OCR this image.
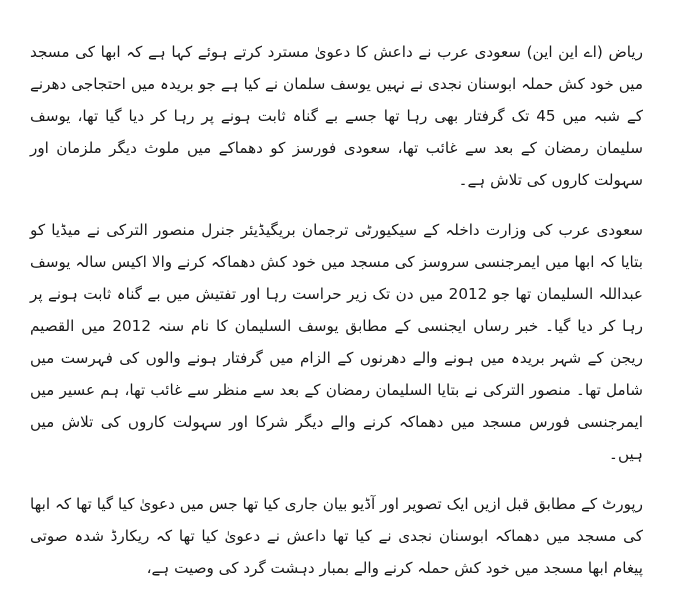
ریاض (اے این این) سعودی عرب نے داعش کا دعویٰ مسترد کرتے ہوئے کہا ہے کہ ابھا کی مسجد میں خود کش حملہ ابوسنان نجدی نے نہیں یوسف سلمان نے کیا ہے جو بریدہ میں احتجاجی دھرنے کے شبہ میں 45 تک گرفتار بھی رہا تھا جسے بے گناہ ثابت ہونے پر رہا کر دیا گیا تھا، یوسف سلیمان رمضان کے بعد سے غائب تھا، سعودی فورسز کو دھماکے میں ملوث دیگر ملزمان اور سہولت کاروں کی تلاش ہے۔

سعودی عرب کی وزارت داخلہ کے سیکیورٹی ترجمان بریگیڈیئر جنرل منصور الترکی نے میڈیا کو بتایا کہ ابھا میں ایمرجنسی سروسز کی مسجد میں خود کش دھماکہ کرنے والا اکیس سالہ یوسف عبداللہ السلیمان تھا جو 2012 میں دن تک زیر حراست رہا اور تفتیش میں بے گناہ ثابت ہونے پر رہا کر دیا گیا۔ خبر رساں ایجنسی کے مطابق یوسف السلیمان کا نام سنہ 2012 میں القصیم ریجن کے شہر بریدہ میں ہونے والے دھرنوں کے الزام میں گرفتار ہونے والوں کی فہرست میں شامل تھا۔ منصور الترکی نے بتایا السلیمان رمضان کے بعد سے منظر سے غائب تھا، ہم عسیر میں ایمرجنسی فورس مسجد میں دھماکہ کرنے والے دیگر شرکا اور سہولت کاروں کی تلاش میں ہیں۔

رپورٹ کے مطابق قبل ازیں ایک تصویر اور آڈیو بیان جاری کیا تھا جس میں دعویٰ کیا گیا تھا کہ ابھا کی مسجد میں دھماکہ ابوسنان نجدی نے کیا تھا داعش نے دعویٰ کیا تھا کہ ریکارڈ شدہ صوتی پیغام ابھا مسجد میں خود کش حملہ کرنے والے بمبار دہشت گرد کی وصیت ہے،
